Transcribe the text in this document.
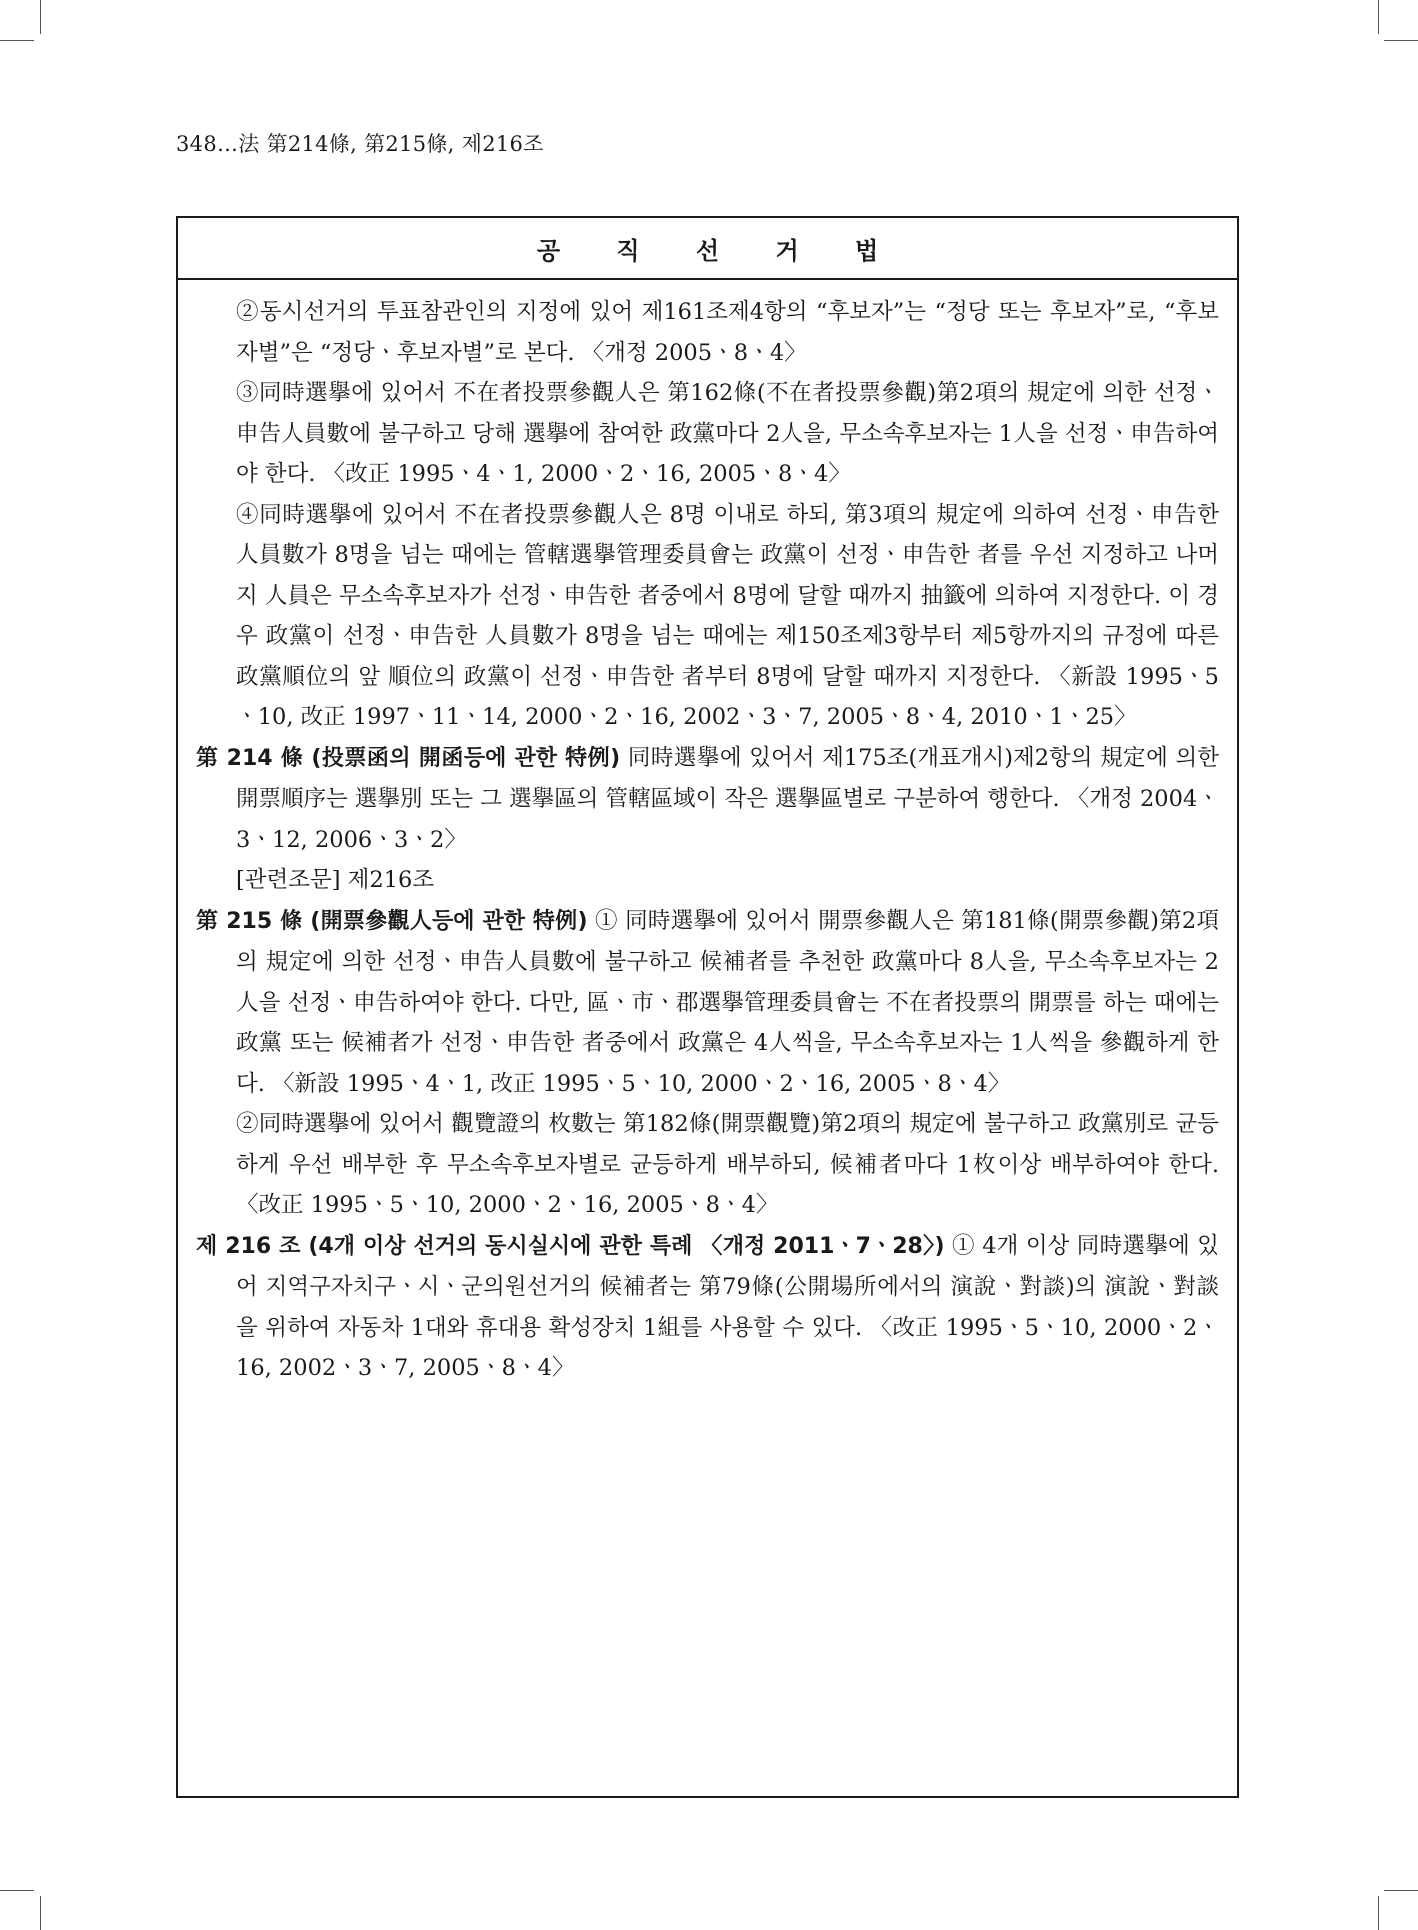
348…法 第214條, 第215條, 제216조
공 직 선 거 법

②동시선거의 투표참관인의 지정에 있어 제161조제4항의 “후보자”는 “정당 또는 후보자”로, “후보자별”은 “정당ㆍ후보자별”로 본다. 〈개정 2005ㆍ8ㆍ4〉

③同時選擧에 있어서 不在者投票參觀人은 第162條(不在者投票參觀)第2項의 規定에 의한 선정ㆍ申告人員數에 불구하고 당해 選擧에 참여한 政黨마다 2人을, 무소속후보자는 1人을 선정ㆍ申告하여야 한다. 〈改正 1995ㆍ4ㆍ1, 2000ㆍ2ㆍ16, 2005ㆍ8ㆍ4〉

④同時選擧에 있어서 不在者投票參觀人은 8명 이내로 하되, 第3項의 規定에 의하여 선정ㆍ申告한 人員數가 8명을 넘는 때에는 管轄選擧管理委員會는 政黨이 선정ㆍ申告한 者를 우선 지정하고 나머지 人員은 무소속후보자가 선정ㆍ申告한 者중에서 8명에 달할 때까지 抽籤에 의하여 지정한다. 이 경우 政黨이 선정ㆍ申告한 人員數가 8명을 넘는 때에는 제150조제3항부터 제5항까지의 규정에 따른 政黨順位의 앞 順位의 政黨이 선정ㆍ申告한 者부터 8명에 달할 때까지 지정한다. 〈新設 1995ㆍ5ㆍ10, 改正 1997ㆍ11ㆍ14, 2000ㆍ2ㆍ16, 2002ㆍ3ㆍ7, 2005ㆍ8ㆍ4, 2010ㆍ1ㆍ25〉

第 214 條 (投票函의 開函등에 관한 特例) 同時選擧에 있어서 제175조(개표개시)제2항의 規定에 의한 開票順序는 選擧別 또는 그 選擧區의 管轄區域이 작은 選擧區별로 구분하여 행한다. 〈개정 2004ㆍ3ㆍ12, 2006ㆍ3ㆍ2〉

[관련조문] 제216조

第 215 條 (開票參觀人등에 관한 特例) ① 同時選擧에 있어서 開票參觀人은 第181條(開票參觀)第2項의 規定에 의한 선정ㆍ申告人員數에 불구하고 候補者를 추천한 政黨마다 8人을, 무소속후보자는 2人을 선정ㆍ申告하여야 한다. 다만, 區ㆍ市ㆍ郡選擧管理委員會는 不在者投票의 開票를 하는 때에는 政黨 또는 候補者가 선정ㆍ申告한 者중에서 政黨은 4人씩을, 무소속후보자는 1人씩을 參觀하게 한다. 〈新設 1995ㆍ4ㆍ1, 改正 1995ㆍ5ㆍ10, 2000ㆍ2ㆍ16, 2005ㆍ8ㆍ4〉

②同時選擧에 있어서 觀覽證의 枚數는 第182條(開票觀覽)第2項의 規定에 불구하고 政黨別로 균등하게 우선 배부한 후 무소속후보자별로 균등하게 배부하되, 候補者마다 1枚이상 배부하여야 한다. 〈改正 1995ㆍ5ㆍ10, 2000ㆍ2ㆍ16, 2005ㆍ8ㆍ4〉

제 216 조 (4개 이상 선거의 동시실시에 관한 특례 〈개정 2011ㆍ7ㆍ28〉) ① 4개 이상 同時選擧에 있어 지역구자치구ㆍ시ㆍ군의원선거의 候補者는 第79條(公開場所에서의 演說ㆍ對談)의 演說ㆍ對談을 위하여 자동차 1대와 휴대용 확성장치 1組를 사용할 수 있다. 〈改正 1995ㆍ5ㆍ10, 2000ㆍ2ㆍ16, 2002ㆍ3ㆍ7, 2005ㆍ8ㆍ4〉
